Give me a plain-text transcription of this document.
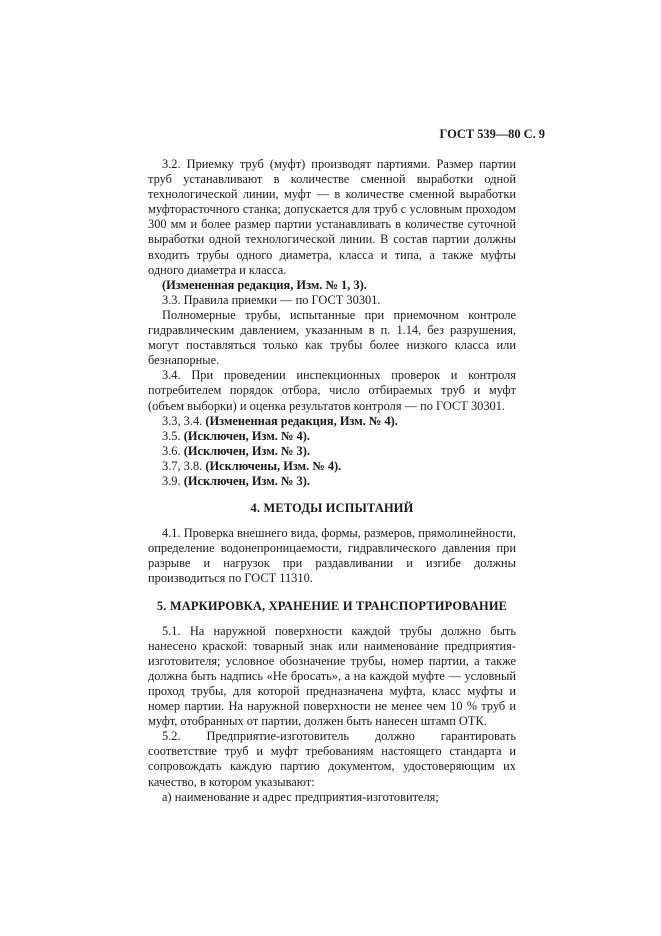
ГОСТ 539—80 С. 9

3.2. Приемку труб (муфт) производят партиями. Размер партии труб устанавливают в количестве сменной выработки одной технологической линии, муфт — в количестве сменной выработки муфторасточного станка; допускается для труб с условным проходом 300 мм и более размер партии устанавливать в количестве суточной выработки одной технологической линии. В состав партии должны входить трубы одного диаметра, класса и типа, а также муфты одного диаметра и класса.

(Измененная редакция, Изм. № 1, 3).

3.3. Правила приемки — по ГОСТ 30301.

Полномерные трубы, испытанные при приемочном контроле гидравлическим давлением, указанным в п. 1.14, без разрушения, могут поставляться только как трубы более низкого класса или безнапорные.

3.4. При проведении инспекционных проверок и контроля потребителем порядок отбора, число отбираемых труб и муфт (объем выборки) и оценка результатов контроля — по ГОСТ 30301.

3.3, 3.4. (Измененная редакция, Изм. № 4).

3.5. (Исключен, Изм. № 4).

3.6. (Исключен, Изм. № 3).

3.7, 3.8. (Исключены, Изм. № 4).

3.9. (Исключен, Изм. № 3).

4. МЕТОДЫ ИСПЫТАНИЙ

4.1. Проверка внешнего вида, формы, размеров, прямолинейности, определение водонепроницаемости, гидравлического давления при разрыве и нагрузок при раздавливании и изгибе должны производиться по ГОСТ 11310.

5. МАРКИРОВКА, ХРАНЕНИЕ И ТРАНСПОРТИРОВАНИЕ

5.1. На наружной поверхности каждой трубы должно быть нанесено краской: товарный знак или наименование предприятия-изготовителя; условное обозначение трубы, номер партии, а также должна быть надпись «Не бросать», а на каждой муфте — условный проход трубы, для которой предназначена муфта, класс муфты и номер партии. На наружной поверхности не менее чем 10 % труб и муфт, отобранных от партии, должен быть нанесен штамп ОТК.

5.2. Предприятие-изготовитель должно гарантировать соответствие труб и муфт требованиям настоящего стандарта и сопровождать каждую партию документом, удостоверяющим их качество, в котором указывают:

а) наименование и адрес предприятия-изготовителя;
